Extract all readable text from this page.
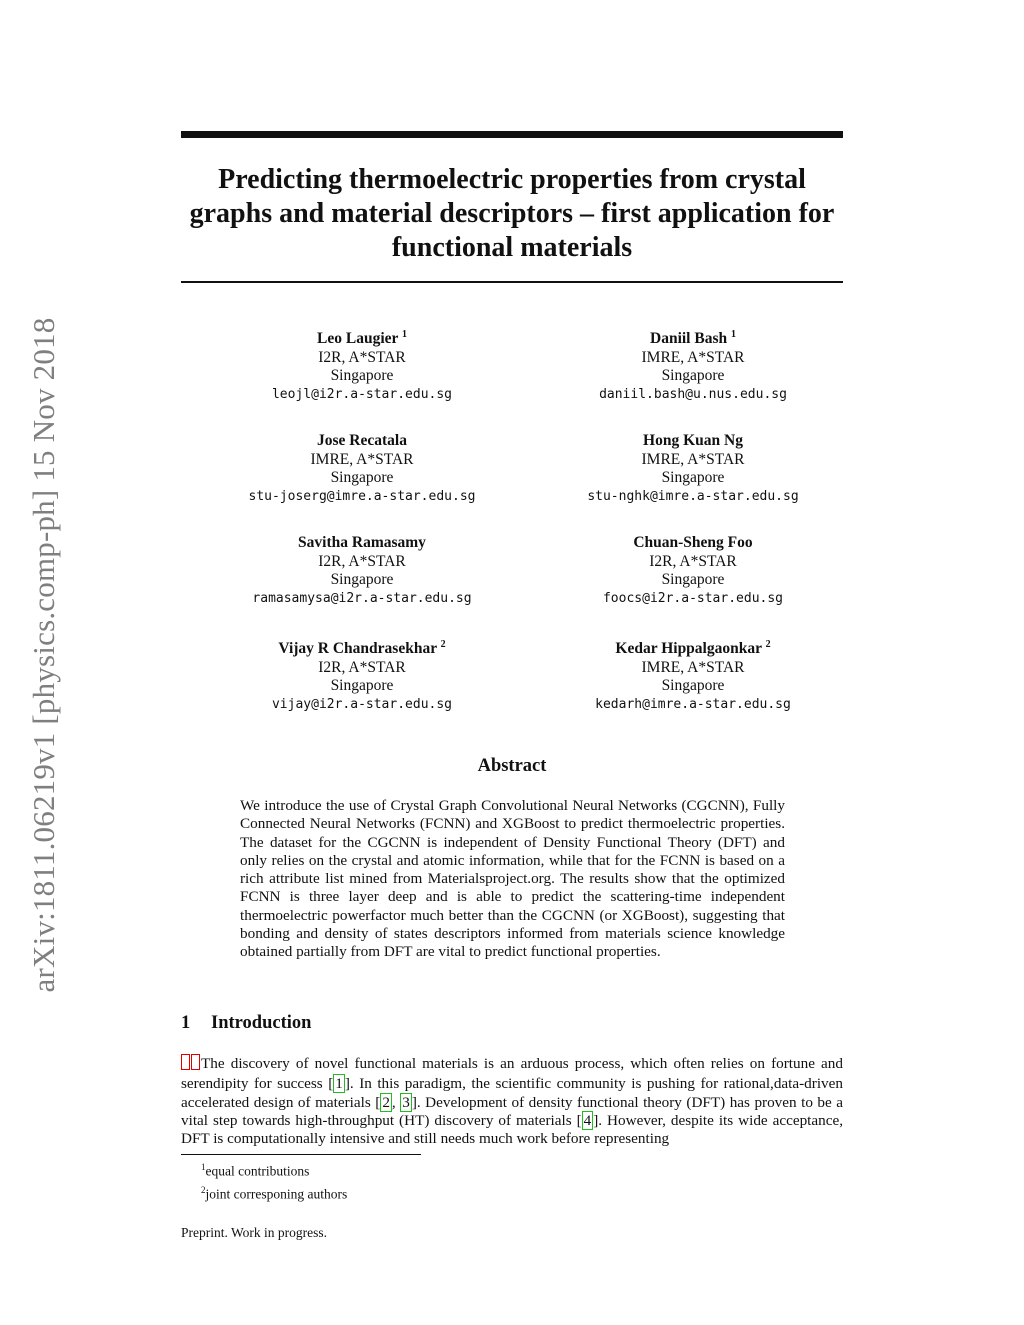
arXiv:1811.06219v1 [physics.comp-ph] 15 Nov 2018
Predicting thermoelectric properties from crystal graphs and material descriptors – first application for functional materials
Leo Laugier $^1$
I2R, A*STAR
Singapore
leojl@i2r.a-star.edu.sg
Daniil Bash $^1$
IMRE, A*STAR
Singapore
daniil.bash@u.nus.edu.sg
Jose Recatala
IMRE, A*STAR
Singapore
stu-joserg@imre.a-star.edu.sg
Hong Kuan Ng
IMRE, A*STAR
Singapore
stu-nghk@imre.a-star.edu.sg
Savitha Ramasamy
I2R, A*STAR
Singapore
ramasamysa@i2r.a-star.edu.sg
Chuan-Sheng Foo
I2R, A*STAR
Singapore
foocs@i2r.a-star.edu.sg
Vijay R Chandrasekhar $^2$
I2R, A*STAR
Singapore
vijay@i2r.a-star.edu.sg
Kedar Hippalgaonkar $^2$
IMRE, A*STAR
Singapore
kedarh@imre.a-star.edu.sg
Abstract

We introduce the use of Crystal Graph Convolutional Neural Networks (CGCNN), Fully Connected Neural Networks (FCNN) and XGBoost to predict thermoelectric properties. The dataset for the CGCNN is independent of Density Functional Theory (DFT) and only relies on the crystal and atomic information, while that for the FCNN is based on a rich attribute list mined from Materialsproject.org. The results show that the optimized FCNN is three layer deep and is able to predict the scattering-time independent thermoelectric powerfactor much better than the CGCNN (or XGBoost), suggesting that bonding and density of states descriptors informed from materials science knowledge obtained partially from DFT are vital to predict functional properties.

1 Introduction

The discovery of novel functional materials is an arduous process, which often relies on fortune and serendipity for success [ 1 ]. In this paradigm, the scientific community is pushing for rational,data-driven accelerated design of materials [ 2 , 3 ]. Development of density functional theory (DFT) has proven to be a vital step towards high-throughput (HT) discovery of materials [ 4 ]. However, despite its wide acceptance, DFT is computationally intensive and still needs much work before representing

$^1$equal contributions
$^2$joint corresponing authors

Preprint. Work in progress.
